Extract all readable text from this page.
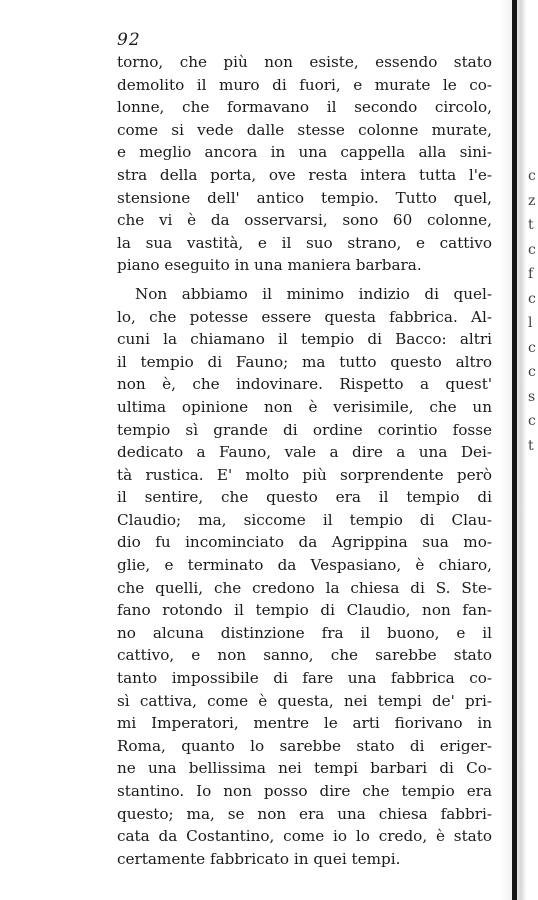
92
torno, che più non esiste, essendo stato
demolito il muro di fuori, e murate le co-
lonne, che formavano il secondo circolo,
come si vede dalle stesse colonne murate,
e meglio ancora in una cappella alla sini-
stra della porta, ove resta intera tutta l'e-
stensione dell' antico tempio. Tutto quel,
che vi è da osservarsi, sono 60 colonne,
la sua vastità, e il suo strano, e cattivo
piano eseguito in una maniera barbara.
Non abbiamo il minimo indizio di quel-
lo, che potesse essere questa fabbrica. Al-
cuni la chiamano il tempio di Bacco: altri
il tempio di Fauno; ma tutto questo altro
non è, che indovinare. Rispetto a quest'
ultima opinione non è verisimile, che un
tempio sì grande di ordine corintio fosse
dedicato a Fauno, vale a dire a una Dei-
tà rustica. E' molto più sorprendente però
il sentire, che questo era il tempio di
Claudio; ma, siccome il tempio di Clau-
dio fu incominciato da Agrippina sua mo-
glie, e terminato da Vespasiano, è chiaro,
che quelli, che credono la chiesa di S. Ste-
fano rotondo il tempio di Claudio, non fan-
no alcuna distinzione fra il buono, e il
cattivo, e non sanno, che sarebbe stato
tanto impossibile di fare una fabbrica co-
sì cattiva, come è questa, nei tempi de' pri-
mi Imperatori, mentre le arti fiorivano in
Roma, quanto lo sarebbe stato di eriger-
ne una bellissima nei tempi barbari di Co-
stantino. Io non posso dire che tempio era
questo; ma, se non era una chiesa fabbri-
cata da Costantino, come io lo credo, è stato
certamente fabbricato in quei tempi.
c
z
t
c
f
c
l
c
c
s
c
t
